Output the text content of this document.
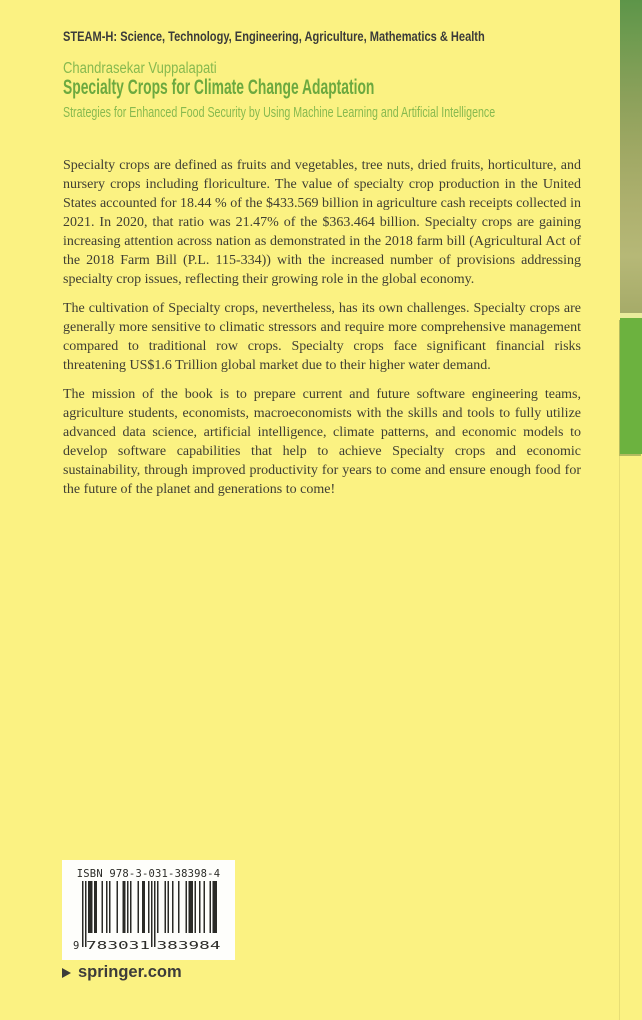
STEAM-H: Science, Technology, Engineering, Agriculture, Mathematics & Health
Chandrasekar Vuppalapati
Specialty Crops for Climate Change Adaptation
Strategies for Enhanced Food Security by Using Machine Learning and Artificial Intelligence

Specialty crops are defined as fruits and vegetables, tree nuts, dried fruits, horticulture, and nursery crops including floriculture. The value of specialty crop production in the United States accounted for 18.44 % of the $433.569 billion in agriculture cash receipts collected in 2021. In 2020, that ratio was 21.47% of the $363.464 billion. Specialty crops are gaining increasing attention across nation as demonstrated in the 2018 farm bill (Agricultural Act of the 2018 Farm Bill (P.L. 115-334)) with the increased number of provisions addressing specialty crop issues, reflecting their growing role in the global economy.

The cultivation of Specialty crops, nevertheless, has its own challenges. Specialty crops are generally more sensitive to climatic stressors and require more comprehensive management compared to traditional row crops. Specialty crops face significant financial risks threatening US$1.6 Trillion global market due to their higher water demand.

The mission of the book is to prepare current and future software engineering teams, agriculture students, economists, macroeconomists with the skills and tools to fully utilize advanced data science, artificial intelligence, climate patterns, and economic models to develop software capabilities that help to achieve Specialty crops and economic sustainability, through improved productivity for years to come and ensure enough food for the future of the planet and generations to come!

ISBN 978-3-031-38398-4
9 783031 383984
springer.com
